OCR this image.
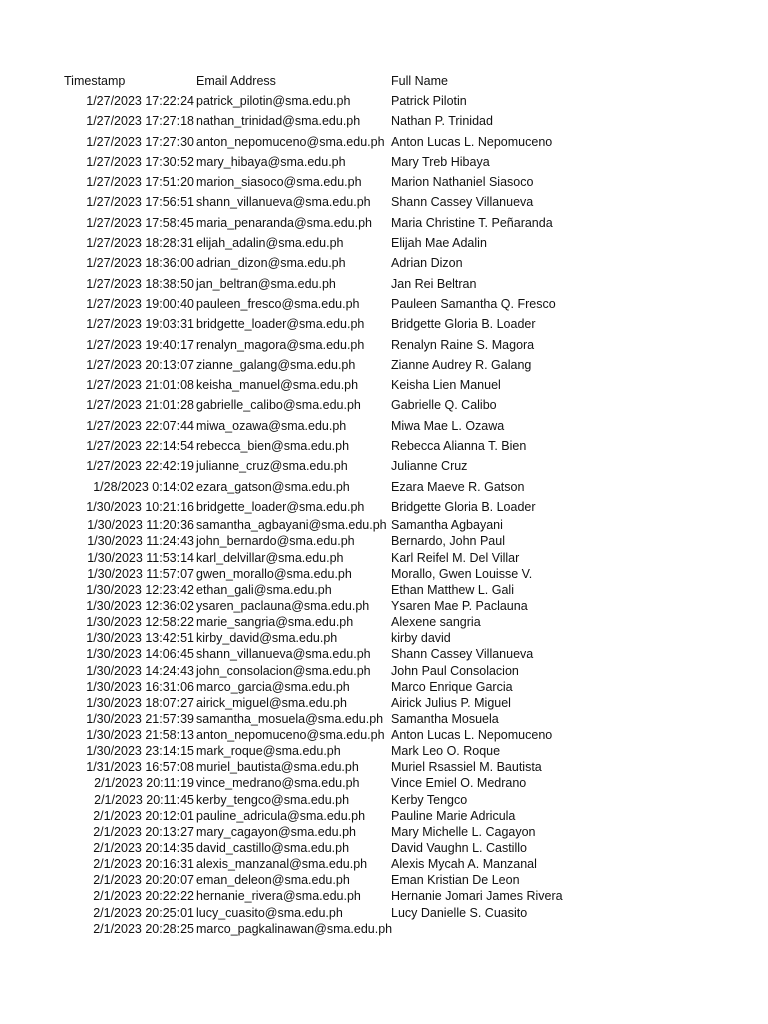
Timestamp	Email Address	Full Name
1/27/2023 17:22:24 patrick_pilotin@sma.edu.ph	Patrick Pilotin
1/27/2023 17:27:18 nathan_trinidad@sma.edu.ph Nathan P. Trinidad
1/27/2023 17:27:30 anton_nepomuceno@sma.edu.ph Anton Lucas L. Nepomuceno
1/27/2023 17:30:52 mary_hibaya@sma.edu.ph	Mary Treb Hibaya
1/27/2023 17:51:20 marion_siasoco@sma.edu.ph Marion Nathaniel Siasoco
1/27/2023 17:56:51 shann_villanueva@sma.edu.ph Shann Cassey Villanueva
1/27/2023 17:58:45 maria_penaranda@sma.edu.ph Maria Christine T. Peñaranda
1/27/2023 18:28:31 elijah_adalin@sma.edu.ph	Elijah Mae Adalin
1/27/2023 18:36:00 adrian_dizon@sma.edu.ph	Adrian Dizon
1/27/2023 18:38:50 jan_beltran@sma.edu.ph	Jan Rei Beltran
1/27/2023 19:00:40 pauleen_fresco@sma.edu.ph	Pauleen Samantha Q. Fresco
1/27/2023 19:03:31 bridgette_loader@sma.edu.ph Bridgette Gloria B. Loader
1/27/2023 19:40:17 renalyn_magora@sma.edu.ph Renalyn Raine S. Magora
1/27/2023 20:13:07 zianne_galang@sma.edu.ph	Zianne Audrey R. Galang
1/27/2023 21:01:08 keisha_manuel@sma.edu.ph	Keisha Lien Manuel
1/27/2023 21:01:28 gabrielle_calibo@sma.edu.ph Gabrielle Q. Calibo
1/27/2023 22:07:44 miwa_ozawa@sma.edu.ph	Miwa Mae L. Ozawa
1/27/2023 22:14:54 rebecca_bien@sma.edu.ph	Rebecca Alianna T. Bien
1/27/2023 22:42:19 julianne_cruz@sma.edu.ph	Julianne Cruz
1/28/2023 0:14:02 ezara_gatson@sma.edu.ph	Ezara Maeve R. Gatson
1/30/2023 10:21:16 bridgette_loader@sma.edu.ph Bridgette Gloria B. Loader
1/30/2023 11:20:36 samantha_agbayani@sma.edu.ph Samantha Agbayani
1/30/2023 11:24:43 john_bernardo@sma.edu.ph	Bernardo, John Paul
1/30/2023 11:53:14 karl_delvillar@sma.edu.ph	Karl Reifel M. Del Villar
1/30/2023 11:57:07 gwen_morallo@sma.edu.ph	Morallo, Gwen Louisse V.
1/30/2023 12:23:42 ethan_gali@sma.edu.ph	Ethan Matthew L. Gali
1/30/2023 12:36:02 ysaren_paclauna@sma.edu.ph Ysaren Mae P. Paclauna
1/30/2023 12:58:22 marie_sangria@sma.edu.ph	Alexene sangria
1/30/2023 13:42:51 kirby_david@sma.edu.ph	kirby david
1/30/2023 14:06:45 shann_villanueva@sma.edu.ph Shann Cassey Villanueva
1/30/2023 14:24:43 john_consolacion@sma.edu.ph John Paul Consolacion
1/30/2023 16:31:06 marco_garcia@sma.edu.ph	Marco Enrique Garcia
1/30/2023 18:07:27 airick_miguel@sma.edu.ph	Airick Julius P. Miguel
1/30/2023 21:57:39 samantha_mosuela@sma.edu.ph Samantha Mosuela
1/30/2023 21:58:13 anton_nepomuceno@sma.edu.ph Anton Lucas L. Nepomuceno
1/30/2023 23:14:15 mark_roque@sma.edu.ph	Mark Leo O. Roque
1/31/2023 16:57:08 muriel_bautista@sma.edu.ph	Muriel Rsassiel M. Bautista
2/1/2023 20:11:19 vince_medrano@sma.edu.ph	Vince Emiel O. Medrano
2/1/2023 20:11:45 kerby_tengco@sma.edu.ph	Kerby Tengco
2/1/2023 20:12:01 pauline_adricula@sma.edu.ph Pauline Marie Adricula
2/1/2023 20:13:27 mary_cagayon@sma.edu.ph	Mary Michelle L. Cagayon
2/1/2023 20:14:35 david_castillo@sma.edu.ph	David Vaughn L. Castillo
2/1/2023 20:16:31 alexis_manzanal@sma.edu.ph Alexis Mycah A. Manzanal
2/1/2023 20:20:07 eman_deleon@sma.edu.ph	Eman Kristian De Leon
2/1/2023 20:22:22 hernanie_rivera@sma.edu.ph Hernanie Jomari James Rivera
2/1/2023 20:25:01 lucy_cuasito@sma.edu.ph	Lucy Danielle S. Cuasito
2/1/2023 20:28:25 marco_pagkalinawan@sma.edu.ph
